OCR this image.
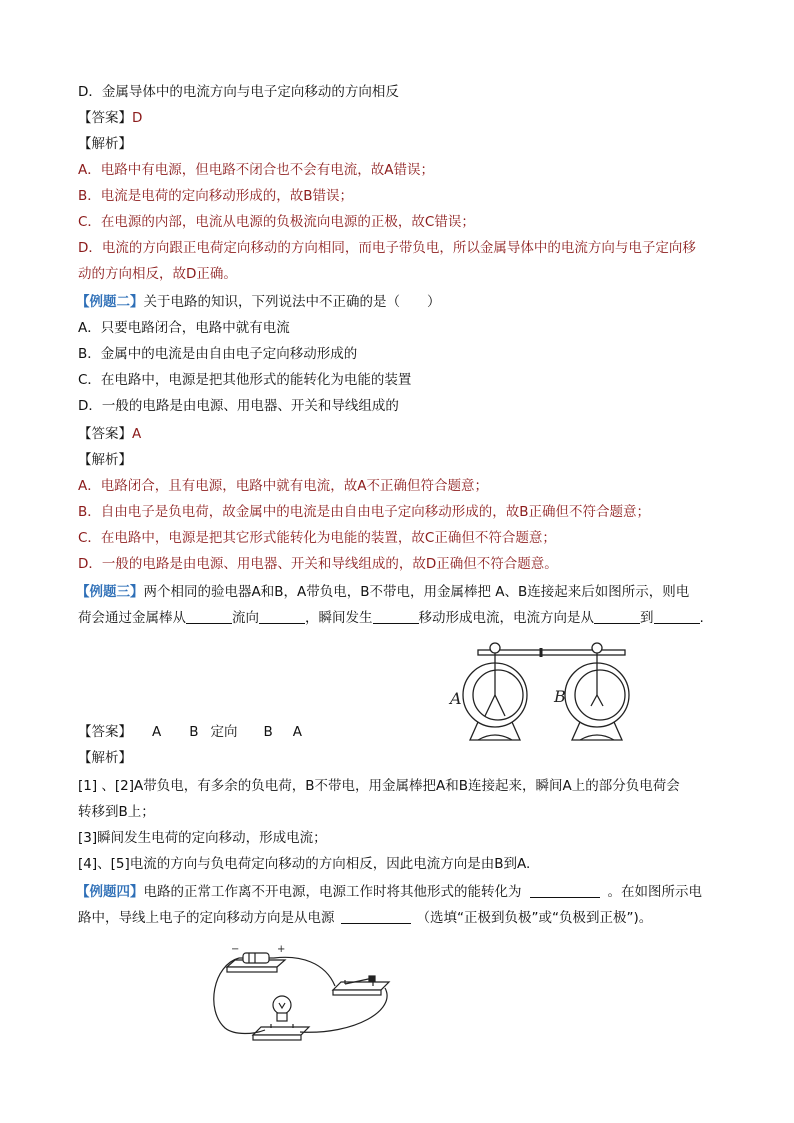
D．金属导体中的电流方向与电子定向移动的方向相反
【答案】D
【解析】
A．电路中有电源，但电路不闭合也不会有电流，故A错误；
B．电流是电荷的定向移动形成的，故B错误；
C．在电源的内部，电流从电源的负极流向电源的正极，故C错误；
D．电流的方向跟正电荷定向移动的方向相同，而电子带负电，所以金属导体中的电流方向与电子定向移
动的方向相反，故D正确。
【例题二】关于电路的知识，下列说法中不正确的是（　　）
A．只要电路闭合，电路中就有电流
B．金属中的电流是由自由电子定向移动形成的
C．在电路中，电源是把其他形式的能转化为电能的装置
D．一般的电路是由电源、用电器、开关和导线组成的
【答案】A
【解析】
A．电路闭合，且有电源，电路中就有电流，故A不正确但符合题意；
B．自由电子是负电荷，故金属中的电流是由自由电子定向移动形成的，故B正确但不符合题意；
C．在电路中，电源是把其它形式能转化为电能的装置，故C正确但不符合题意；
D．一般的电路是由电源、用电器、开关和导线组成的，故D正确但不符合题意。
【例题三】两个相同的验电器A和B，A带负电，B不带电，用金属棒把 A、B连接起来后如图所示，则电
荷会通过金属棒从	流向	，瞬间发生	移动形成电流，电流方向是从	到	.
A	B
【答案】 A B 定向 B A
【解析】
[1] 、[2]A带负电，有多余的负电荷，B不带电，用金属棒把A和B连接起来，瞬间A上的部分负电荷会
转移到B上；
[3]瞬间发生电荷的定向移动，形成电流；
[4]、[5]电流的方向与负电荷定向移动的方向相反，因此电流方向是由B到A.
【例题四】电路的正常工作离不开电源，电源工作时将其他形式的能转化为	。在如图所示电
路中，导线上电子的定向移动方向是从电源	（选填“正极到负极”或“负极到正极”)。
−	+
